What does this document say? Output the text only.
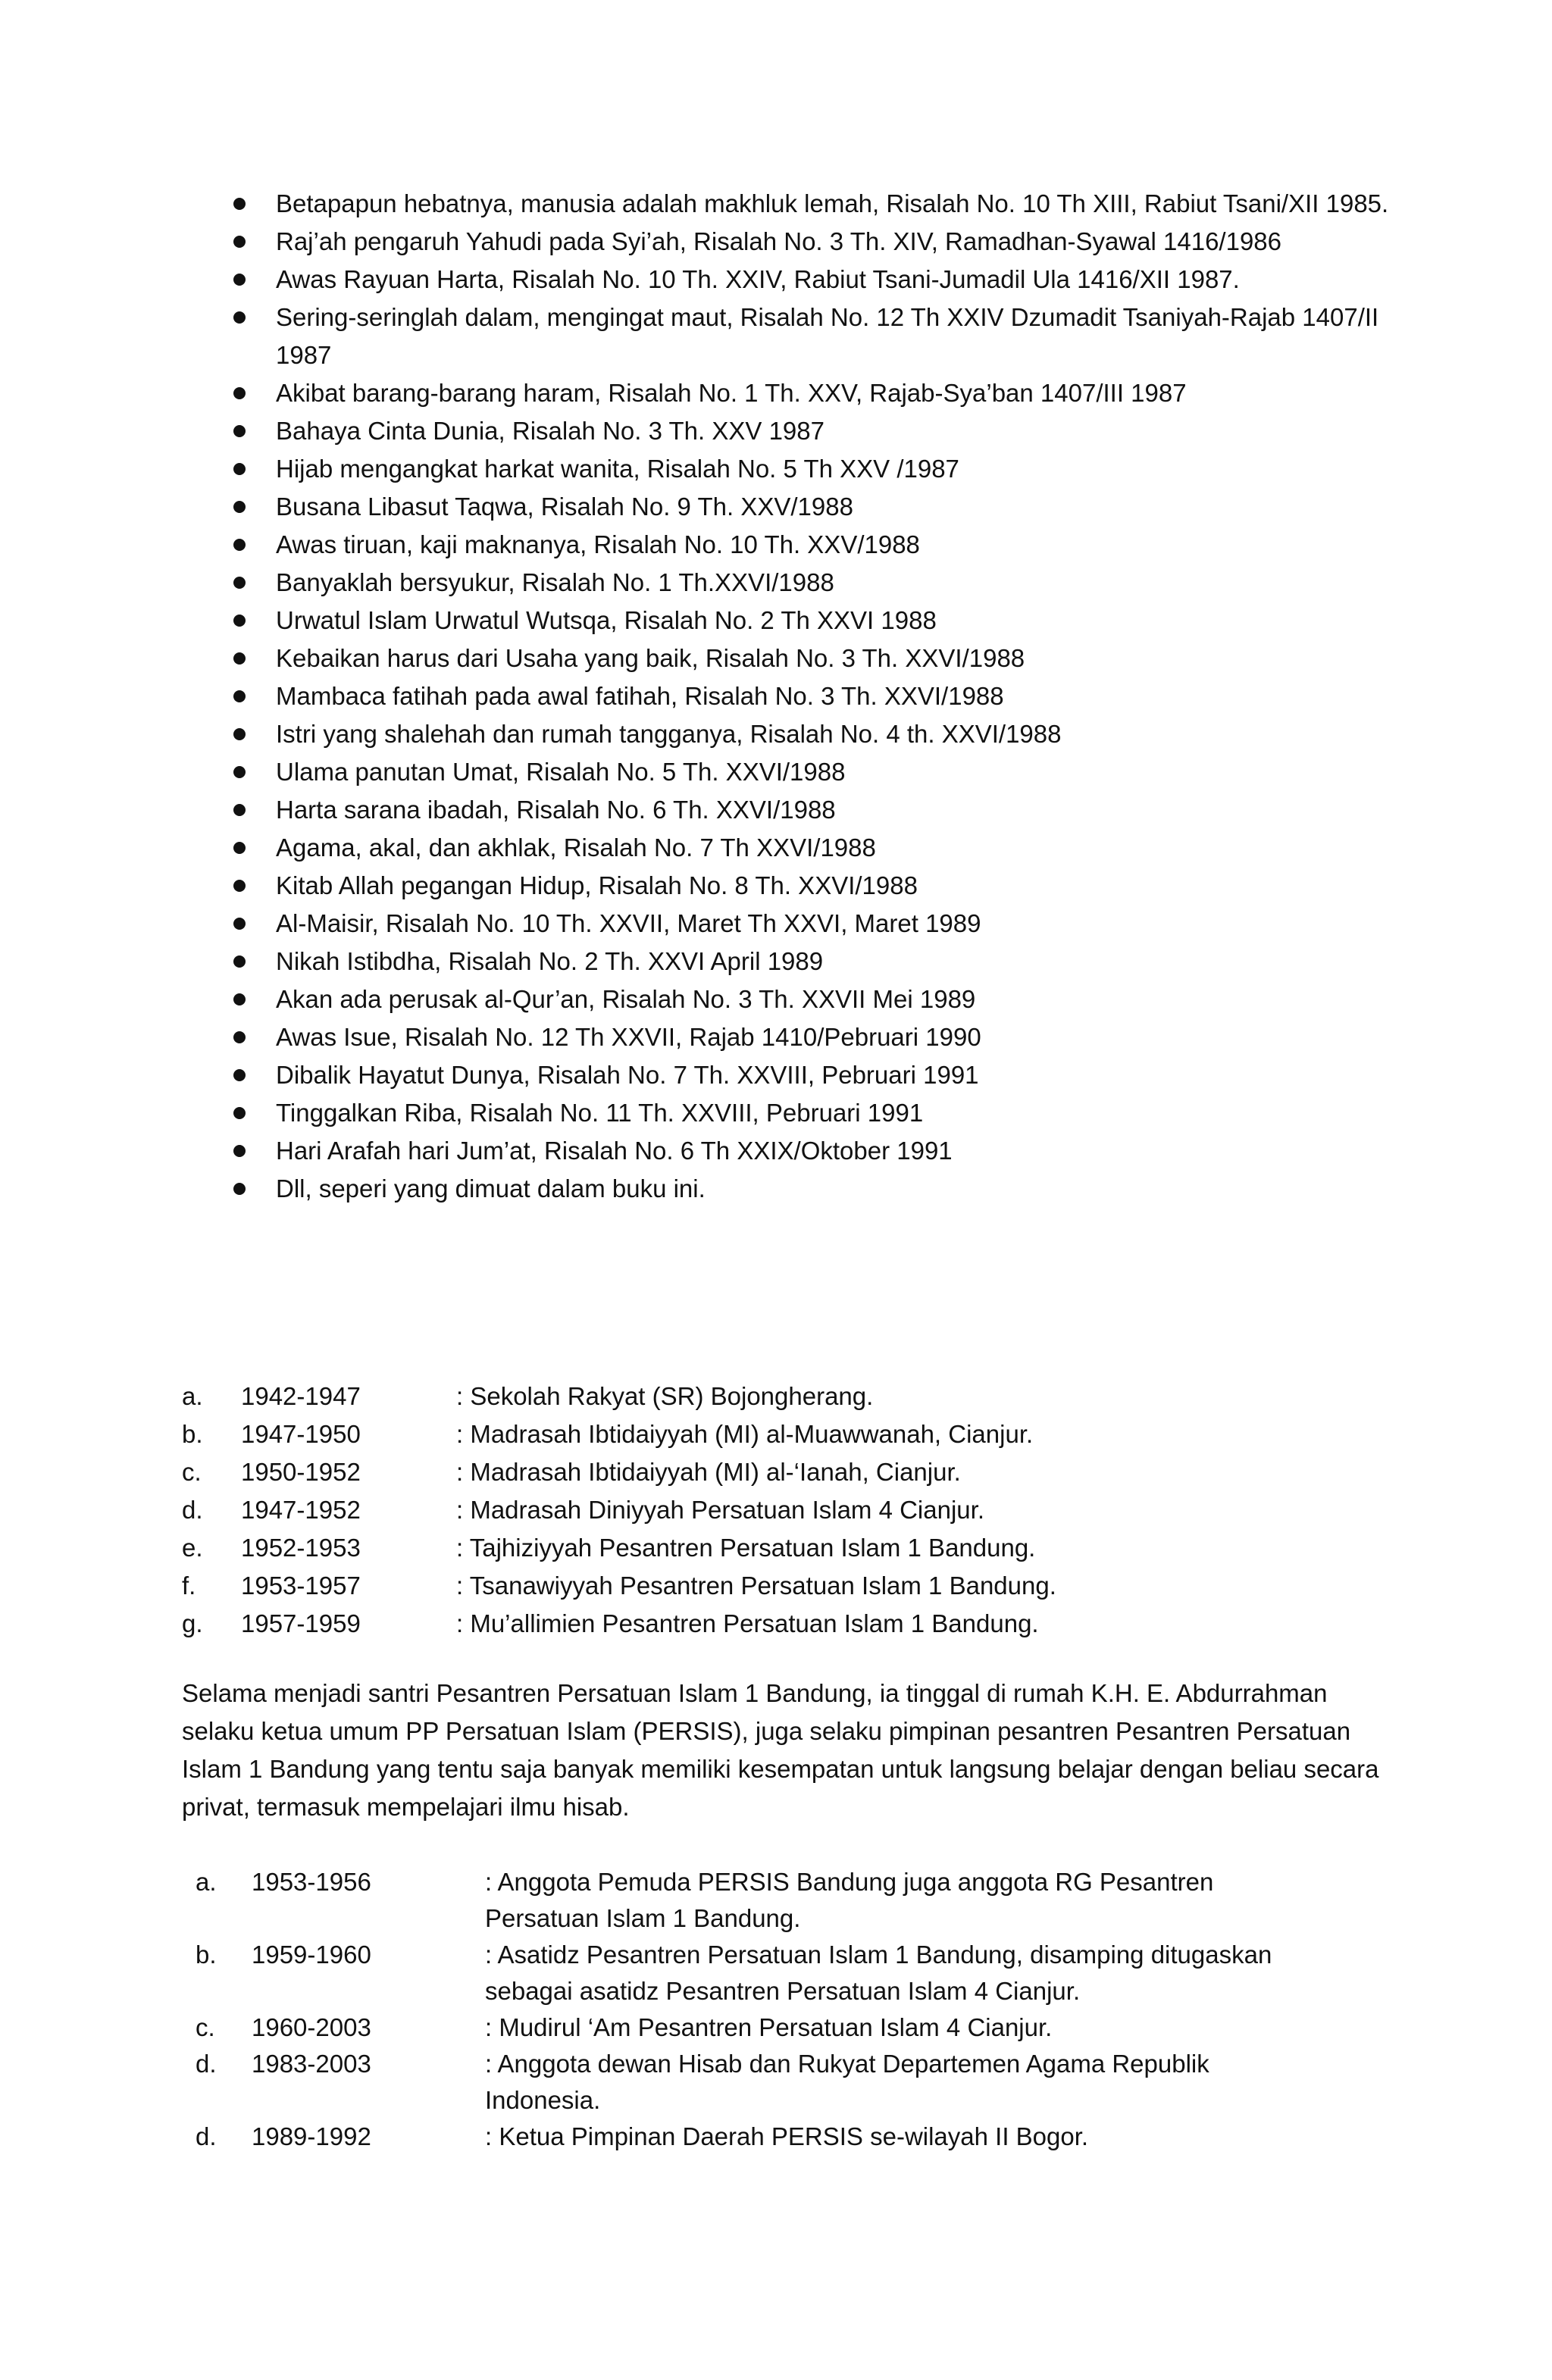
Betapapun hebatnya, manusia adalah makhluk lemah, Risalah No. 10 Th XIII, Rabiut Tsani/XII 1985.
Raj’ah pengaruh Yahudi pada Syi’ah, Risalah No. 3 Th. XIV, Ramadhan-Syawal 1416/1986
Awas Rayuan Harta, Risalah No. 10 Th. XXIV, Rabiut Tsani-Jumadil Ula 1416/XII 1987.
Sering-seringlah dalam, mengingat maut, Risalah No. 12 Th XXIV Dzumadit Tsaniyah-Rajab 1407/II 1987
Akibat barang-barang haram, Risalah No. 1 Th. XXV, Rajab-Sya’ban 1407/III 1987
Bahaya Cinta Dunia, Risalah No. 3 Th. XXV 1987
Hijab mengangkat harkat wanita, Risalah No. 5 Th XXV /1987
Busana Libasut Taqwa, Risalah No. 9 Th. XXV/1988
Awas tiruan, kaji maknanya, Risalah No. 10 Th. XXV/1988
Banyaklah bersyukur, Risalah No. 1 Th.XXVI/1988
Urwatul Islam Urwatul Wutsqa, Risalah No. 2 Th XXVI 1988
Kebaikan harus dari Usaha yang baik, Risalah No. 3 Th. XXVI/1988
Mambaca fatihah pada awal fatihah, Risalah No. 3 Th. XXVI/1988
Istri yang shalehah dan rumah tangganya, Risalah No. 4 th. XXVI/1988
Ulama panutan Umat, Risalah No. 5 Th. XXVI/1988
Harta sarana ibadah, Risalah No. 6 Th. XXVI/1988
Agama, akal, dan akhlak, Risalah No. 7 Th XXVI/1988
Kitab Allah pegangan Hidup, Risalah No. 8 Th. XXVI/1988
Al-Maisir, Risalah No. 10 Th. XXVII, Maret Th XXVI, Maret 1989
Nikah Istibdha, Risalah No. 2 Th. XXVI April 1989
Akan ada perusak al-Qur’an, Risalah No. 3 Th. XXVII Mei 1989
Awas Isue, Risalah No. 12 Th XXVII, Rajab 1410/Pebruari 1990
Dibalik Hayatut Dunya, Risalah No. 7 Th. XXVIII, Pebruari 1991
Tinggalkan Riba, Risalah No. 11 Th. XXVIII, Pebruari 1991
Hari Arafah hari Jum’at, Risalah No. 6 Th XXIX/Oktober 1991
Dll, seperi yang dimuat dalam buku ini.
a.	1942-1947	: Sekolah Rakyat (SR) Bojongherang.
b.	1947-1950	: Madrasah Ibtidaiyyah (MI) al-Muawwanah, Cianjur.
c.	1950-1952	: Madrasah Ibtidaiyyah (MI) al-‘Ianah, Cianjur.
d.	1947-1952	: Madrasah Diniyyah Persatuan Islam 4 Cianjur.
e.	1952-1953	: Tajhiziyyah Pesantren Persatuan Islam 1 Bandung.
f.	1953-1957	: Tsanawiyyah Pesantren Persatuan Islam 1 Bandung.
g.	1957-1959	: Mu’allimien Pesantren Persatuan Islam 1 Bandung.

Selama menjadi santri Pesantren Persatuan Islam 1 Bandung, ia tinggal di rumah K.H. E. Abdurrahman selaku ketua umum PP Persatuan Islam (PERSIS), juga selaku pimpinan pesantren Pesantren Persatuan Islam 1 Bandung yang tentu saja banyak memiliki kesempatan untuk langsung belajar dengan beliau secara privat, termasuk mempelajari ilmu hisab.

a.	1953-1956	: Anggota Pemuda PERSIS Bandung juga anggota RG Pesantren Persatuan Islam 1 Bandung.
b.	1959-1960	: Asatidz Pesantren Persatuan Islam 1 Bandung, disamping ditugaskan sebagai asatidz Pesantren Persatuan Islam 4 Cianjur.
c.	1960-2003	: Mudirul ‘Am Pesantren Persatuan Islam 4 Cianjur.
d.	1983-2003	: Anggota dewan Hisab dan Rukyat Departemen Agama Republik Indonesia.
d.	1989-1992	: Ketua Pimpinan Daerah PERSIS se-wilayah II Bogor.
